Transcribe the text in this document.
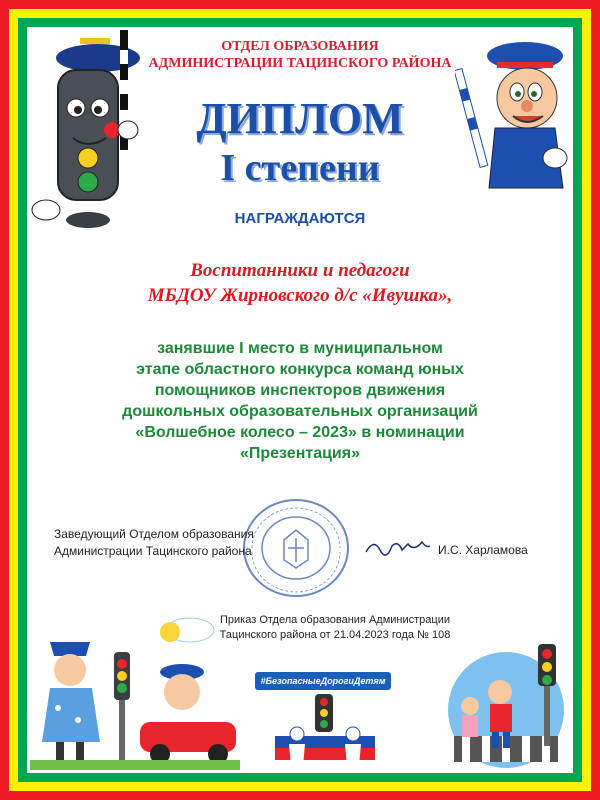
ОТДЕЛ ОБРАЗОВАНИЯ
АДМИНИСТРАЦИИ ТАЦИНСКОГО РАЙОНА
ДИПЛОМ
I степени
НАГРАЖДАЮТСЯ
Воспитанники и педагоги
МБДОУ Жирновского д/с «Ивушка»,
занявшие I место в муниципальном
этапе областного конкурса команд юных
помощников инспекторов движения
дошкольных образовательных организаций
«Волшебное колесо – 2023» в номинации
«Презентация»
Заведующий Отделом образования
Администрации Тацинского района	И.С. Харламова
Приказ Отдела образования Администрации
Тацинского района от 21.04.2023 года № 108
#БезопасныеДорогиДетям
